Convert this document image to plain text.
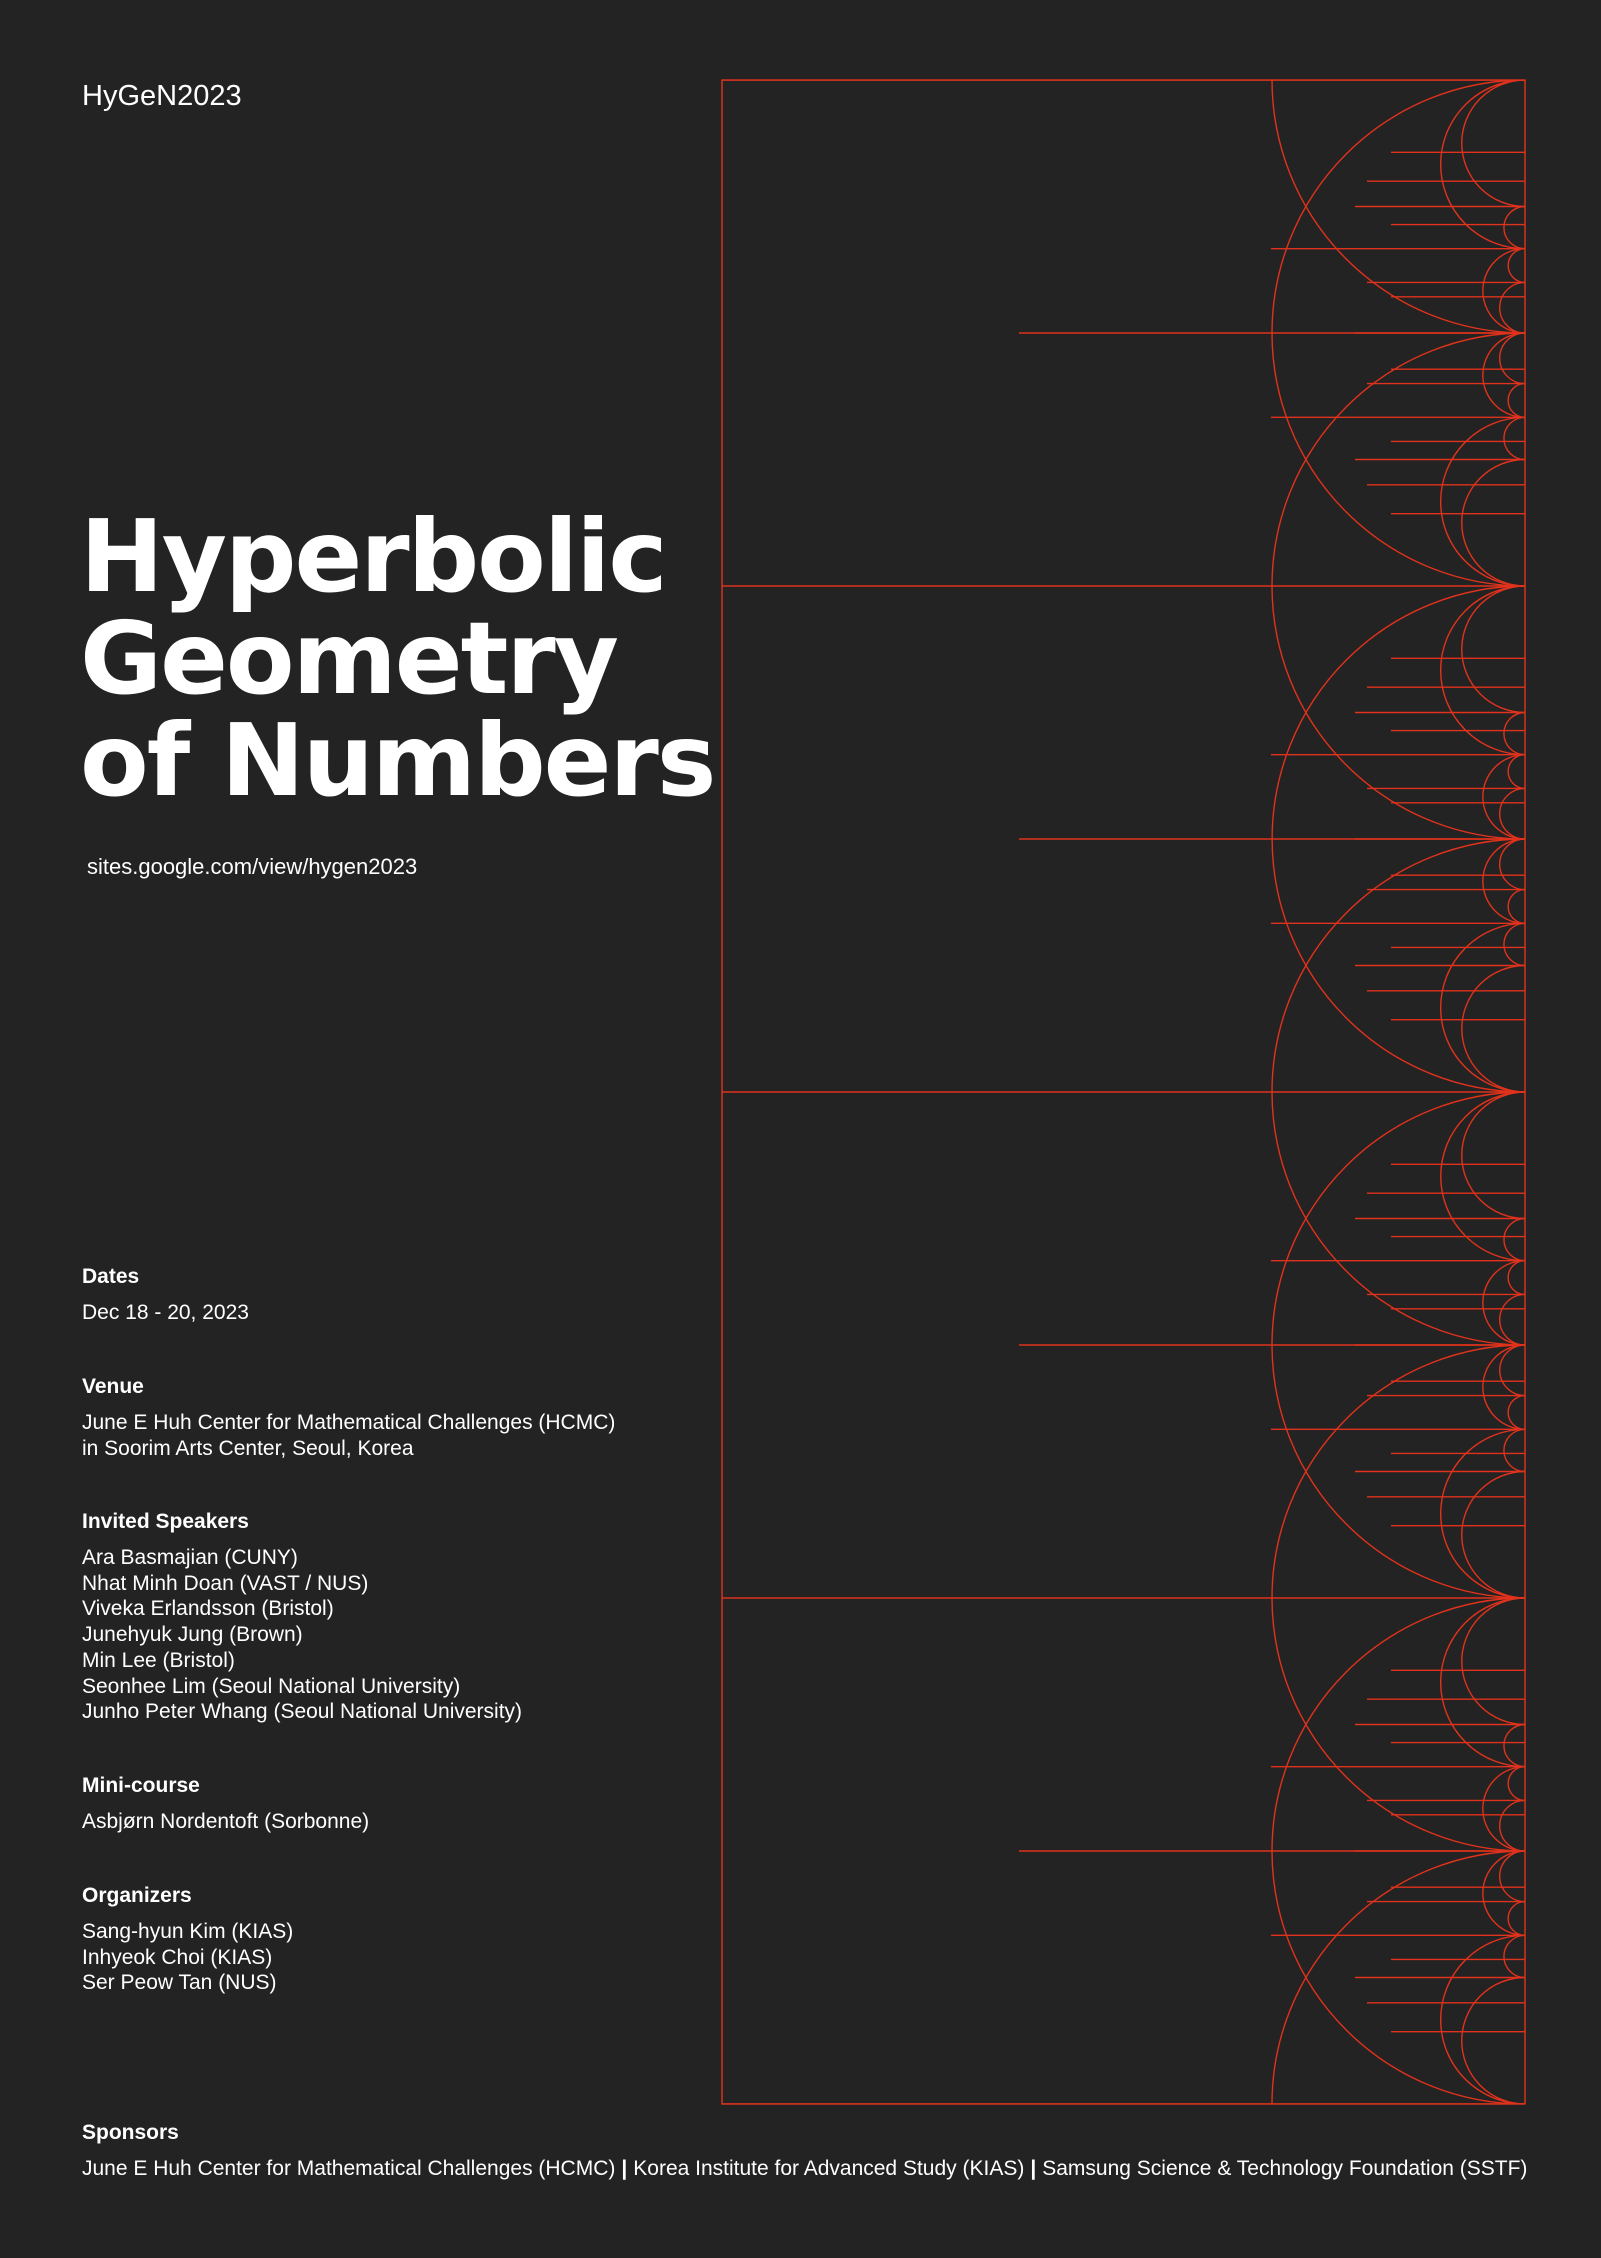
HyGeN2023
Hyperbolic
Geometry
of Numbers
sites.google.com/view/hygen2023
Dates
Dec 18 - 20, 2023
Venue
June E Huh Center for Mathematical Challenges (HCMC)
in Soorim Arts Center, Seoul, Korea
Invited Speakers
Ara Basmajian (CUNY)
Nhat Minh Doan (VAST / NUS)
Viveka Erlandsson (Bristol)
Junehyuk Jung (Brown)
Min Lee (Bristol)
Seonhee Lim (Seoul National University)
Junho Peter Whang (Seoul National University)
Mini-course
Asbjørn Nordentoft (Sorbonne)
Organizers
Sang-hyun Kim (KIAS)
Inhyeok Choi (KIAS)
Ser Peow Tan (NUS)
Sponsors
June E Huh Center for Mathematical Challenges (HCMC) | Korea Institute for Advanced Study (KIAS) | Samsung Science & Technology Foundation (SSTF)
